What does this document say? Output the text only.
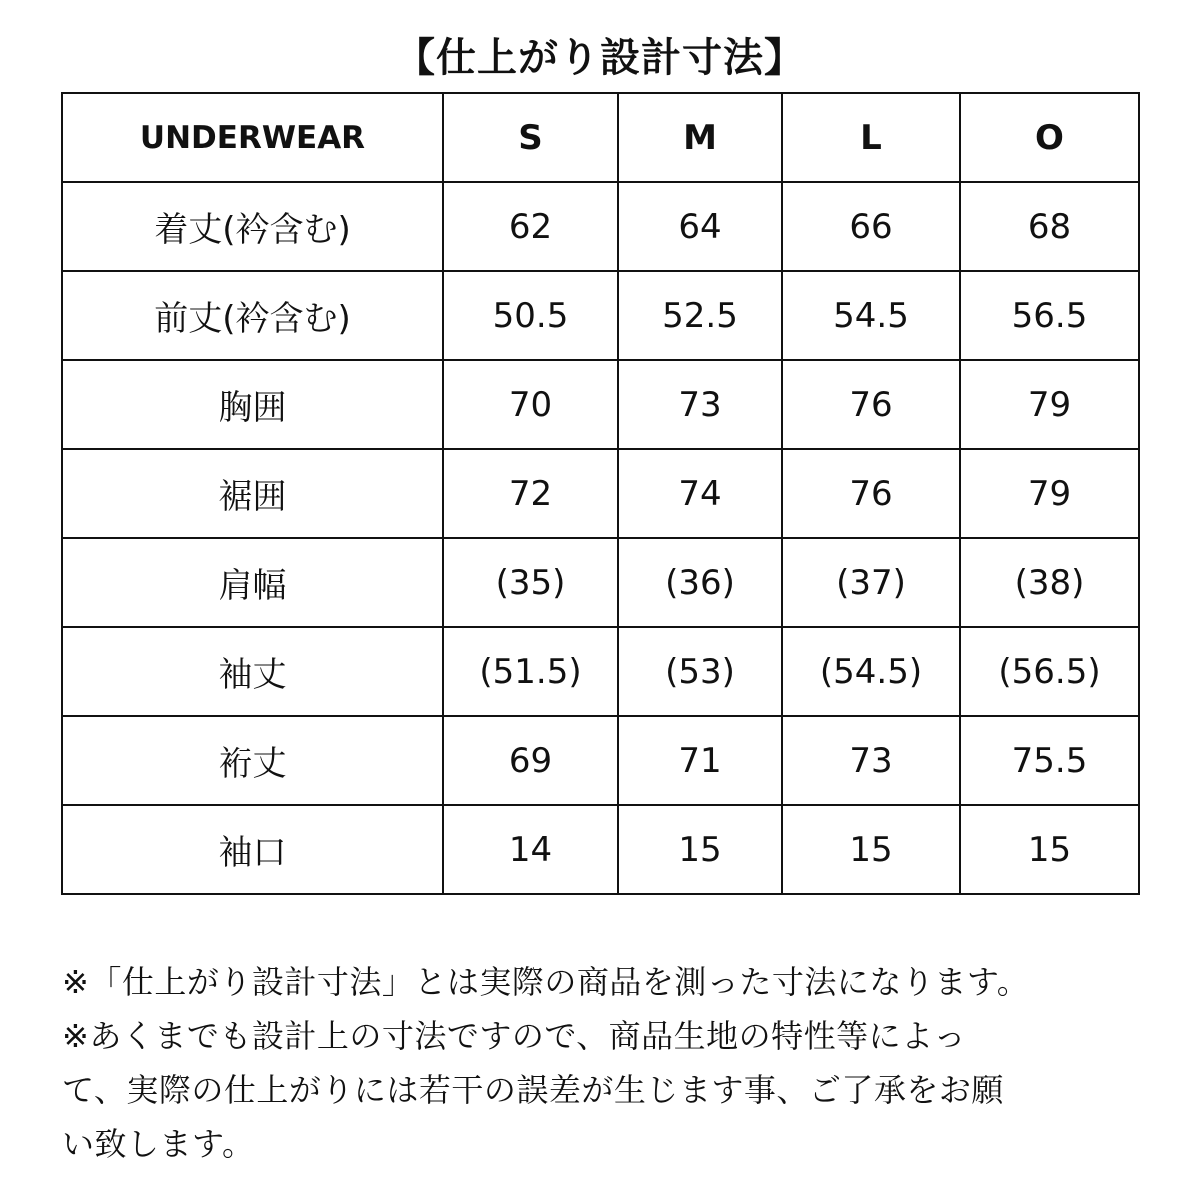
【仕上がり設計寸法】
UNDERWEAR	S	M	L	O
着丈(衿含む)	62	64	66	68
前丈(衿含む)	50.5	52.5	54.5	56.5
胸囲	70	73	76	79
裾囲	72	74	76	79
肩幅	(35)	(36)	(37)	(38)
袖丈	(51.5)	(53)	(54.5)	(56.5)
裄丈	69	71	73	75.5
袖口	14	15	15	15

※「仕上がり設計寸法」とは実際の商品を測った寸法になります。

※あくまでも設計上の寸法ですので、商品生地の特性等によっ

て、実際の仕上がりには若干の誤差が生じます事、ご了承をお願

い致します。
